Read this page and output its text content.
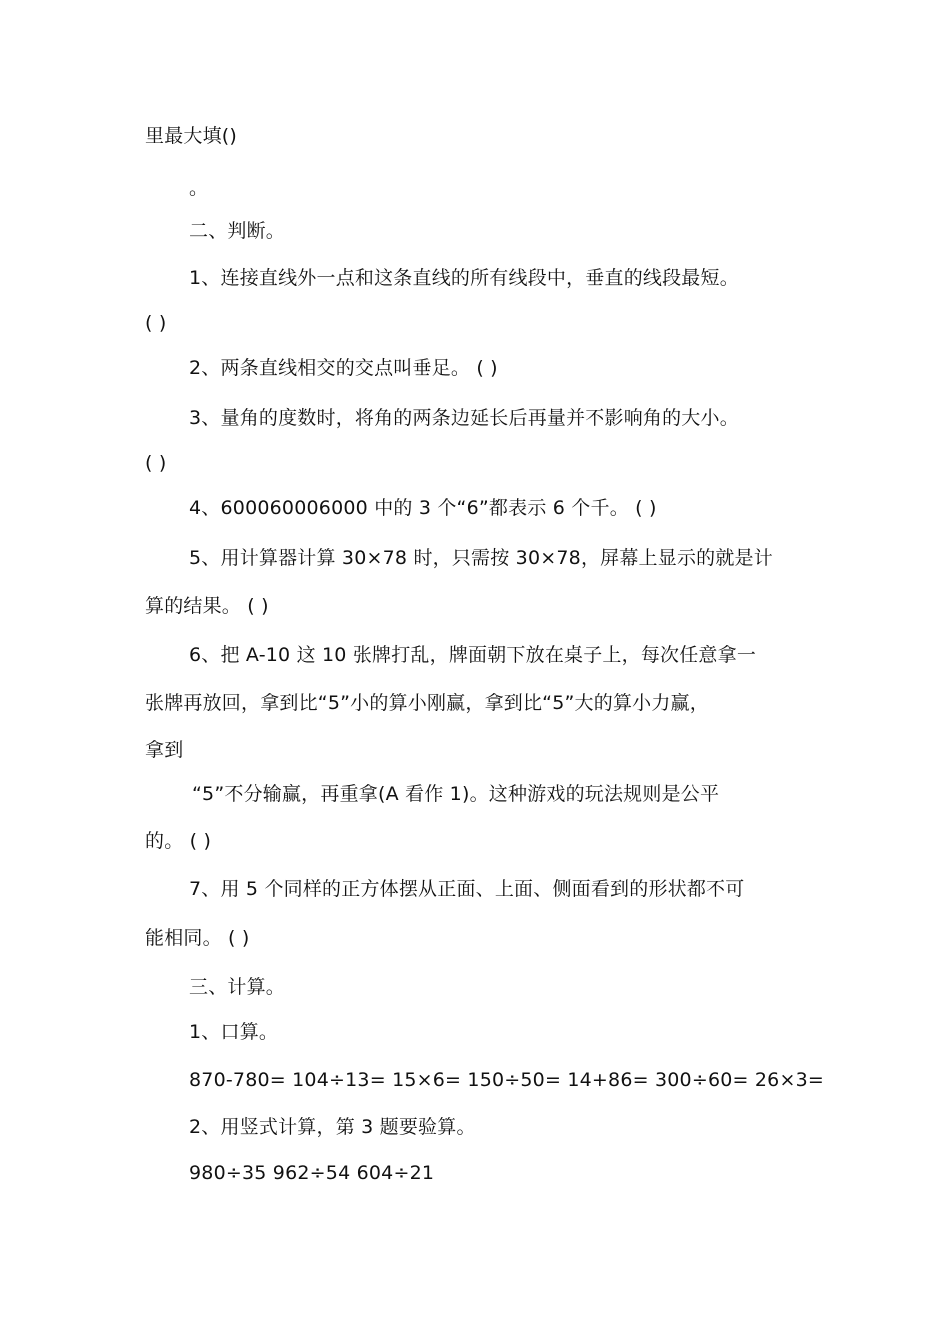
里最大填()
。
二、判断。
1、连接直线外一点和这条直线的所有线段中，垂直的线段最短。
( )
2、两条直线相交的交点叫垂足。 ( )
3、量角的度数时，将角的两条边延长后再量并不影响角的大小。
( )
4、600060006000 中的 3 个“6”都表示 6 个千。 ( )
5、用计算器计算 30×78 时，只需按 30×78，屏幕上显示的就是计
算的结果。 ( )
6、把 A-10 这 10 张牌打乱，牌面朝下放在桌子上，每次任意拿一
张牌再放回，拿到比“5”小的算小刚赢，拿到比“5”大的算小力赢，
拿到
“5”不分输赢，再重拿(A 看作 1)。这种游戏的玩法规则是公平
的。 ( )
7、用 5 个同样的正方体摆从正面、上面、侧面看到的形状都不可
能相同。 ( )
三、计算。
1、口算。
870-780= 104÷13= 15×6= 150÷50= 14+86= 300÷60= 26×3=
2、用竖式计算，第 3 题要验算。
980÷35 962÷54 604÷21
